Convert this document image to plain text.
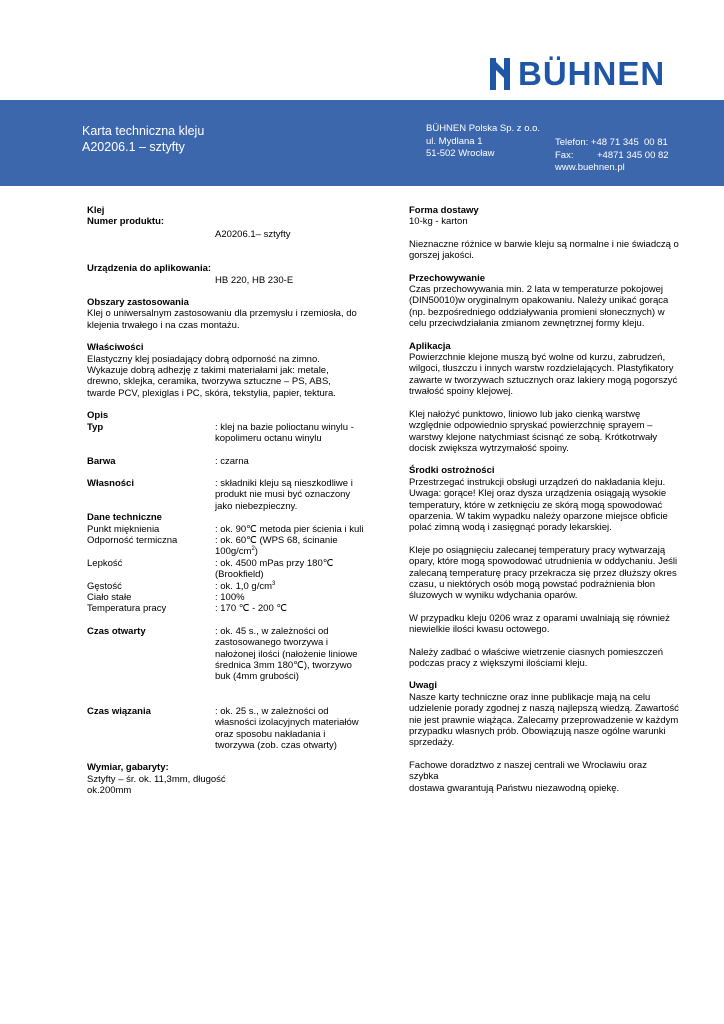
BÜHNEN
Karta techniczna kleju
A20206.1 – sztyfty
BÜHNEN Polska Sp. z o.o.
ul. Mydlana 1
51-502 Wrocław
Telefon: +48 71 345  00 81
Fax: +4871 345 00 82
www.buehnen.pl
Klej
Numer produktu:
A20206.1– sztyfty
Urządzenia do aplikowania:
HB 220, HB 230-E
Obszary zastosowania
Klej o uniwersalnym zastosowaniu dla przemysłu i rzemiosła, do
klejenia trwałego i na czas montażu.
Właściwości
Elastyczny klej posiadający dobrą odporność na zimno.
Wykazuje dobrą adhezję z takimi materiałami jak: metale,
drewno, sklejka, ceramika, tworzywa sztuczne – PS, ABS,
twarde PCV, plexiglas i PC, skóra, tekstylia, papier, tektura.
Opis
Typ	: klej na bazie polioctanu winylu -
kopolimeru octanu winylu
Barwa	: czarna
Własności	: składniki kleju są nieszkodliwe i
produkt nie musi być oznaczony
jako niebezpieczny.
Dane techniczne
Punkt mięknienia	: ok. 90℃ metoda pier ścienia i kuli
Odporność termiczna	: ok. 60℃ (WPS 68, ścinanie
$100g/cm^2$)
Lepkość	: ok. 4500 mPas przy 180℃
(Brookfield)
Gęstość	: ok. 1,0 $g/cm^3$
Ciało stałe	: 100%
Temperatura pracy	: 170 ℃ - 200 ℃
Czas otwarty	: ok. 45 s., w zależności od
zastosowanego tworzywa i
nałożonej ilości (nałożenie liniowe
średnica 3mm 180℃), tworzywo
buk (4mm grubości)
Czas wiązania	: ok. 25 s., w zależności od
własności izolacyjnych materiałów
oraz sposobu nakładania i
tworzywa (zob. czas otwarty)
Wymiar, gabaryty:
Sztyfty – śr. ok. 11,3mm, długość
ok.200mm
Forma dostawy
10-kg - karton
Nieznaczne różnice w barwie kleju są normalne i nie świadczą o
gorszej jakości.
Przechowywanie
Czas przechowywania min. 2 lata w temperaturze pokojowej
(DIN50010)w oryginalnym opakowaniu. Należy unikać gorąca
(np. bezpośredniego oddziaływania promieni słonecznych) w
celu przeciwdziałania zmianom zewnętrznej formy kleju.
Aplikacja
Powierzchnie klejone muszą być wolne od kurzu, zabrudzeń,
wilgoci, tłuszczu i innych warstw rozdzielających. Plastyfikatory
zawarte w tworzywach sztucznych oraz lakiery mogą pogorszyć
trwałość spoiny klejowej.
Klej nałożyć punktowo, liniowo lub jako cienką warstwę
względnie odpowiednio spryskać powierzchnię sprayem –
warstwy klejone natychmiast ścisnąć ze sobą. Krótkotrwały
docisk zwiększa wytrzymałość spoiny.
Środki ostrożności
Przestrzegać instrukcji obsługi urządzeń do nakładania kleju.
Uwaga: gorące! Klej oraz dysza urządzenia osiągają wysokie
temperatury, które w zetknięciu ze skórą mogą spowodować
oparzenia. W takim wypadku należy oparzone miejsce obficie
polać zimną wodą i zasięgnąć porady lekarskiej.
Kleje po osiągnięciu zalecanej temperatury pracy wytwarzają
opary, które mogą spowodować utrudnienia w oddychaniu. Jeśli
zalecaną temperaturę pracy przekracza się przez dłuższy okres
czasu, u niektórych osób mogą powstać podrażnienia błon
śluzowych w wyniku wdychania oparów.
W przypadku kleju 0206 wraz z oparami uwalniają się również
niewielkie ilości kwasu octowego.
Należy zadbać o właściwe wietrzenie ciasnych pomieszczeń
podczas pracy z większymi ilościami kleju.
Uwagi
Nasze karty techniczne oraz inne publikacje mają na celu
udzielenie porady zgodnej z naszą najlepszą wiedzą. Zawartość
nie jest prawnie wiążąca. Zalecamy przeprowadzenie w każdym
przypadku własnych prób. Obowiązują nasze ogólne warunki
sprzedaży.
Fachowe doradztwo z naszej centrali we Wrocławiu oraz szybka
dostawa gwarantują Państwu niezawodną opiekę.
